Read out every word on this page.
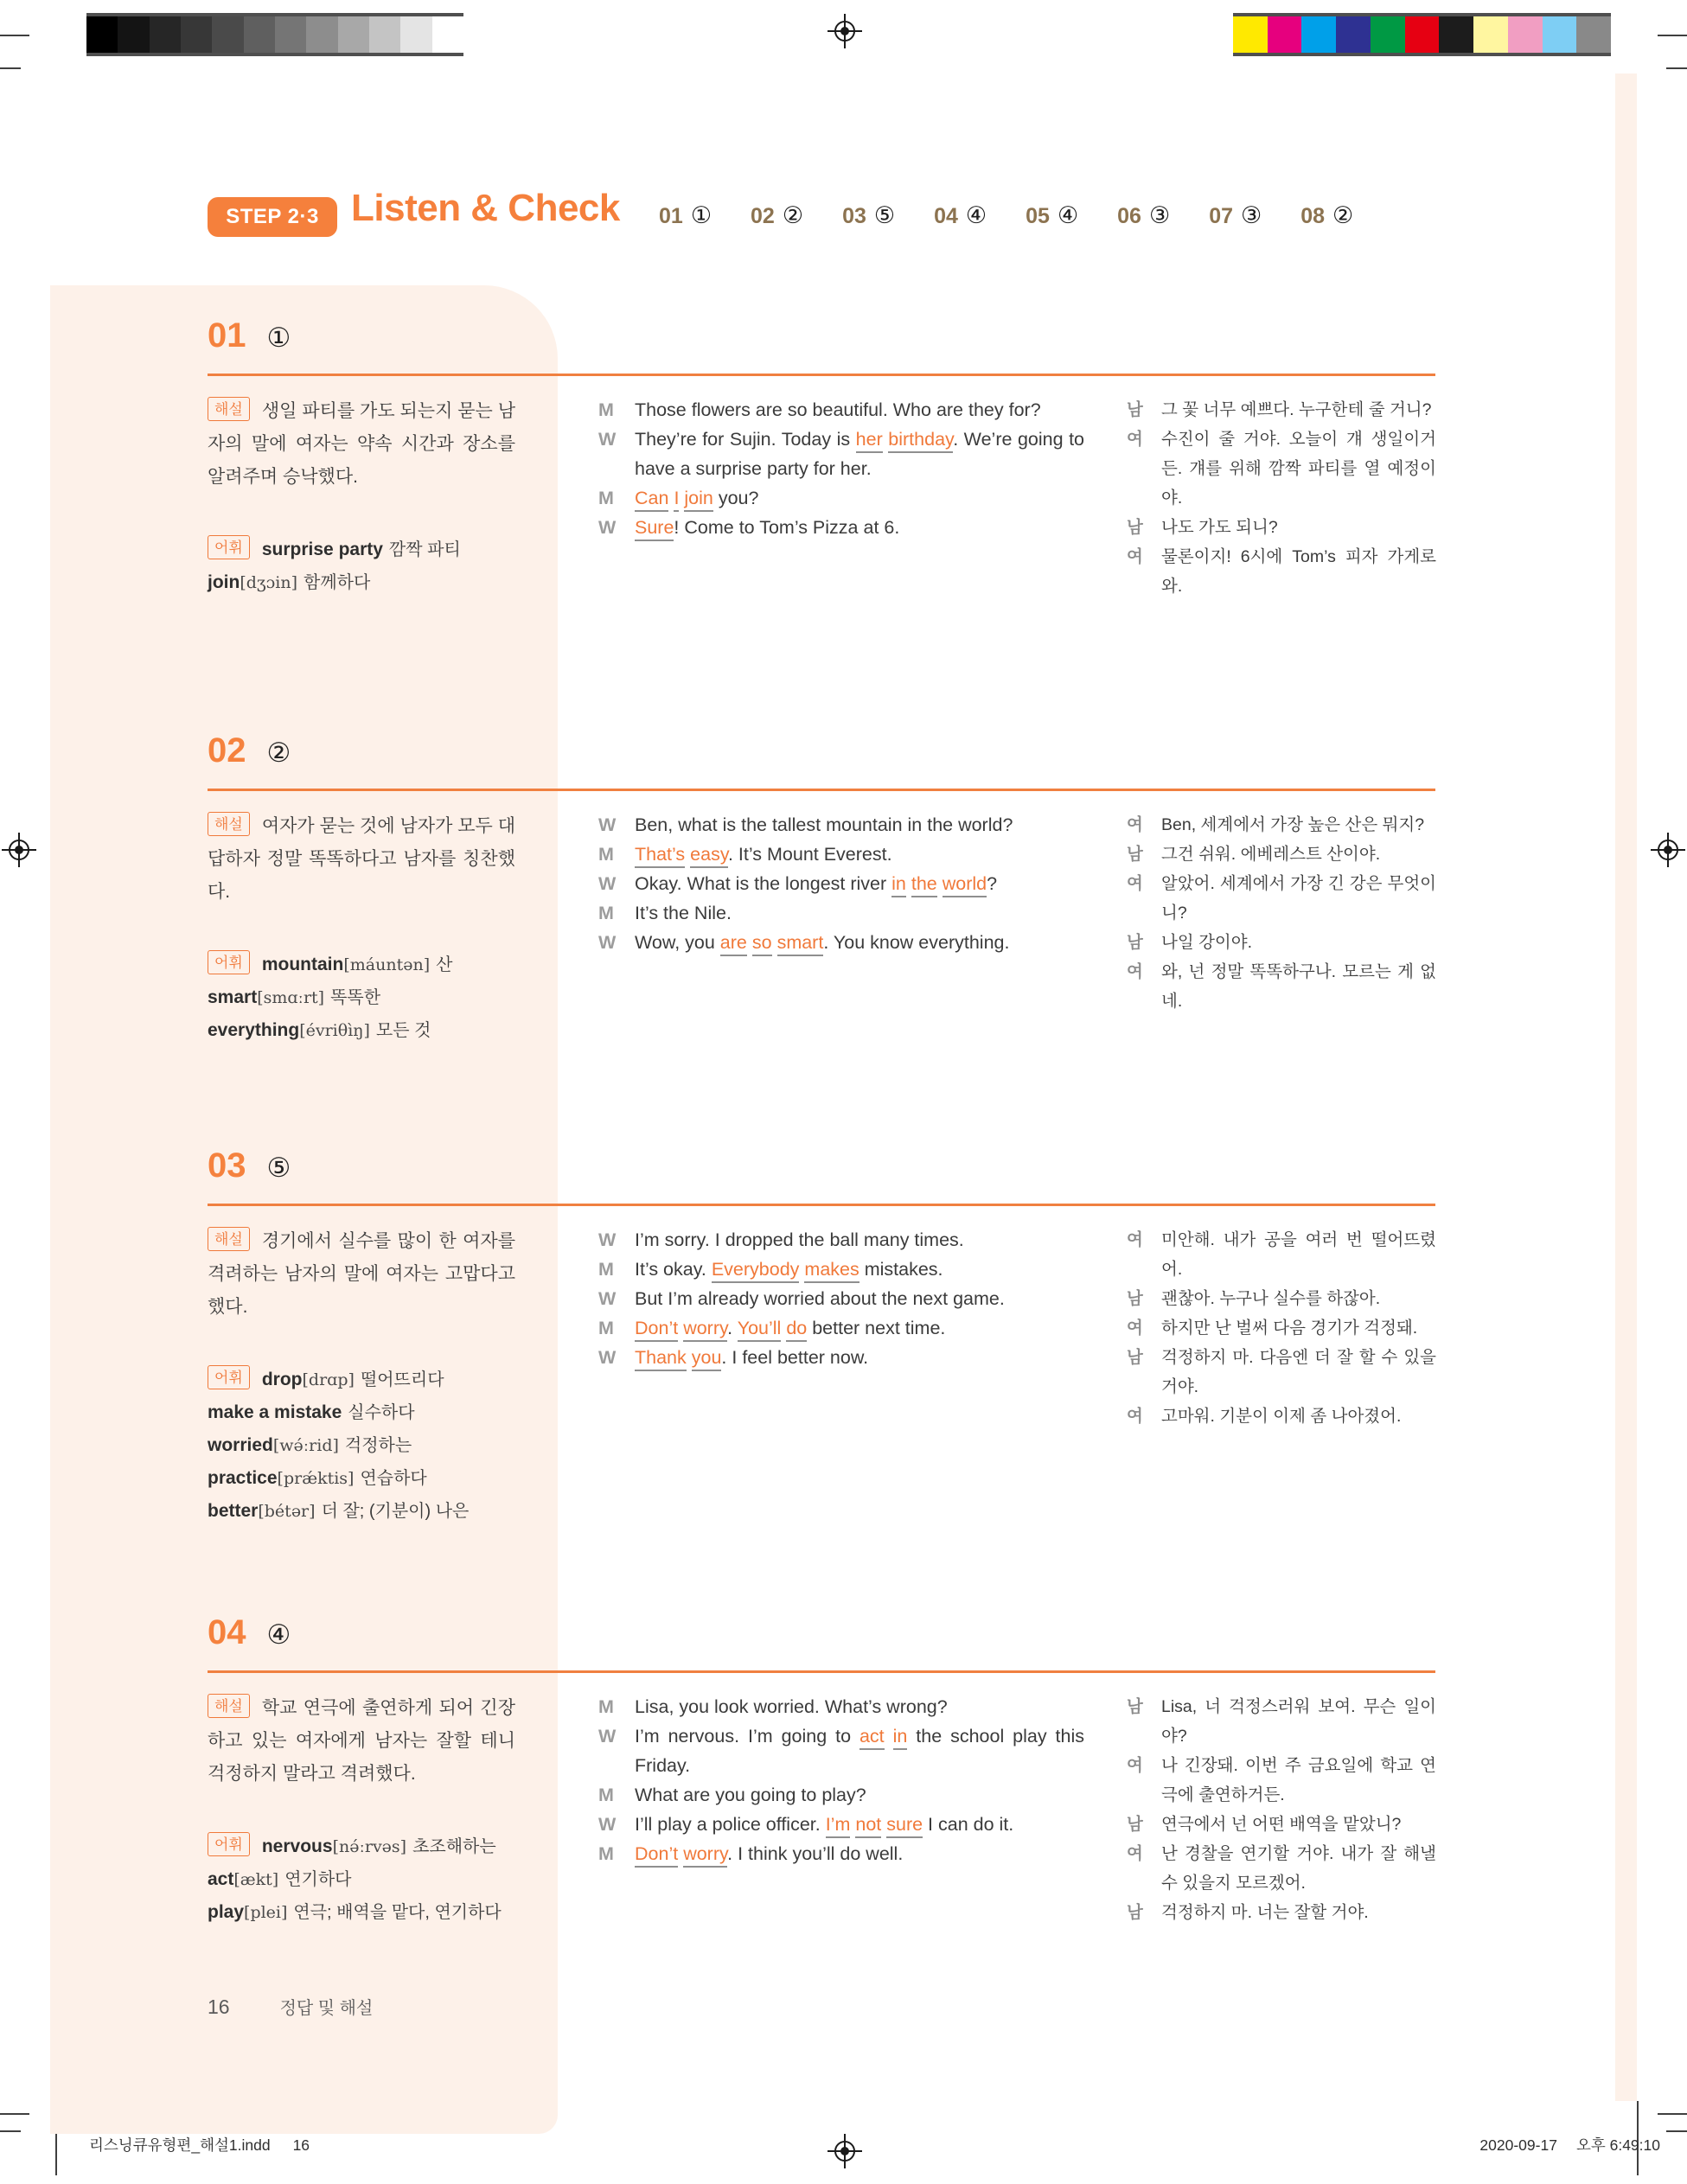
STEP 2·3 Listen & Check 01 ① 02 ② 03 ⑤ 04 ④ 05 ④ 06 ③ 07 ③ 08 ②
01 ①

해설 생일 파티를 가도 되는지 묻는 남자의 말에 여자는 약속 시간과 장소를 알려주며 승낙했다.

어휘 surprise party 깜짝 파티
join[dʒɔin] 함께하다
M	Those flowers are so beautiful. Who are they for?
W	They’re for Sujin. Today is her birthday. We’re going to have a surprise party for her.
M	Can I join you?
W	Sure! Come to Tom’s Pizza at 6.
남	그 꽃 너무 예쁘다. 누구한테 줄 거니?
여	수진이 줄 거야. 오늘이 걔 생일이거든. 걔를 위해 깜짝 파티를 열 예정이야.
남	나도 가도 되니?
여	물론이지! 6시에 Tom’s 피자 가게로 와.
02 ②

해설 여자가 묻는 것에 남자가 모두 대답하자 정말 똑똑하다고 남자를 칭찬했다.

어휘 mountain[máuntən] 산
smart[smɑːrt] 똑똑한
everything[évriθìŋ] 모든 것
W	Ben, what is the tallest mountain in the world?
M	That’s easy. It’s Mount Everest.
W	Okay. What is the longest river in the world?
M	It’s the Nile.
W	Wow, you are so smart. You know everything.
여	Ben, 세계에서 가장 높은 산은 뭐지?
남	그건 쉬워. 에베레스트 산이야.
여	알았어. 세계에서 가장 긴 강은 무엇이니?
남	나일 강이야.
여	와, 넌 정말 똑똑하구나. 모르는 게 없네.
03 ⑤

해설 경기에서 실수를 많이 한 여자를 격려하는 남자의 말에 여자는 고맙다고 했다.

어휘 drop[drɑp] 떨어뜨리다
make a mistake 실수하다
worried[wə́ːrid] 걱정하는
practice[prǽktis] 연습하다
better[bétər] 더 잘; (기분이) 나은
W	I’m sorry. I dropped the ball many times.
M	It’s okay. Everybody makes mistakes.
W	But I’m already worried about the next game.
M	Don’t worry. You’ll do better next time.
W	Thank you. I feel better now.
여	미안해. 내가 공을 여러 번 떨어뜨렸어.
남	괜찮아. 누구나 실수를 하잖아.
여	하지만 난 벌써 다음 경기가 걱정돼.
남	걱정하지 마. 다음엔 더 잘 할 수 있을 거야.
여	고마워. 기분이 이제 좀 나아졌어.
04 ④

해설 학교 연극에 출연하게 되어 긴장하고 있는 여자에게 남자는 잘할 테니 걱정하지 말라고 격려했다.

어휘 nervous[nə́ːrvəs] 초조해하는
act[ækt] 연기하다
play[plei] 연극; 배역을 맡다, 연기하다
M	Lisa, you look worried. What’s wrong?
W	I’m nervous. I’m going to act in the school play this Friday.
M	What are you going to play?
W	I’ll play a police officer. I’m not sure I can do it.
M	Don’t worry. I think you’ll do well.
남	Lisa, 너 걱정스러워 보여. 무슨 일이야?
여	나 긴장돼. 이번 주 금요일에 학교 연극에 출연하거든.
남	연극에서 넌 어떤 배역을 맡았니?
여	난 경찰을 연기할 거야. 내가 잘 해낼 수 있을지 모르겠어.
남	걱정하지 마. 너는 잘할 거야.
16	정답 및 해설
리스닝큐유형편_해설1.indd 16	2020-09-17 오후 6:49:10
